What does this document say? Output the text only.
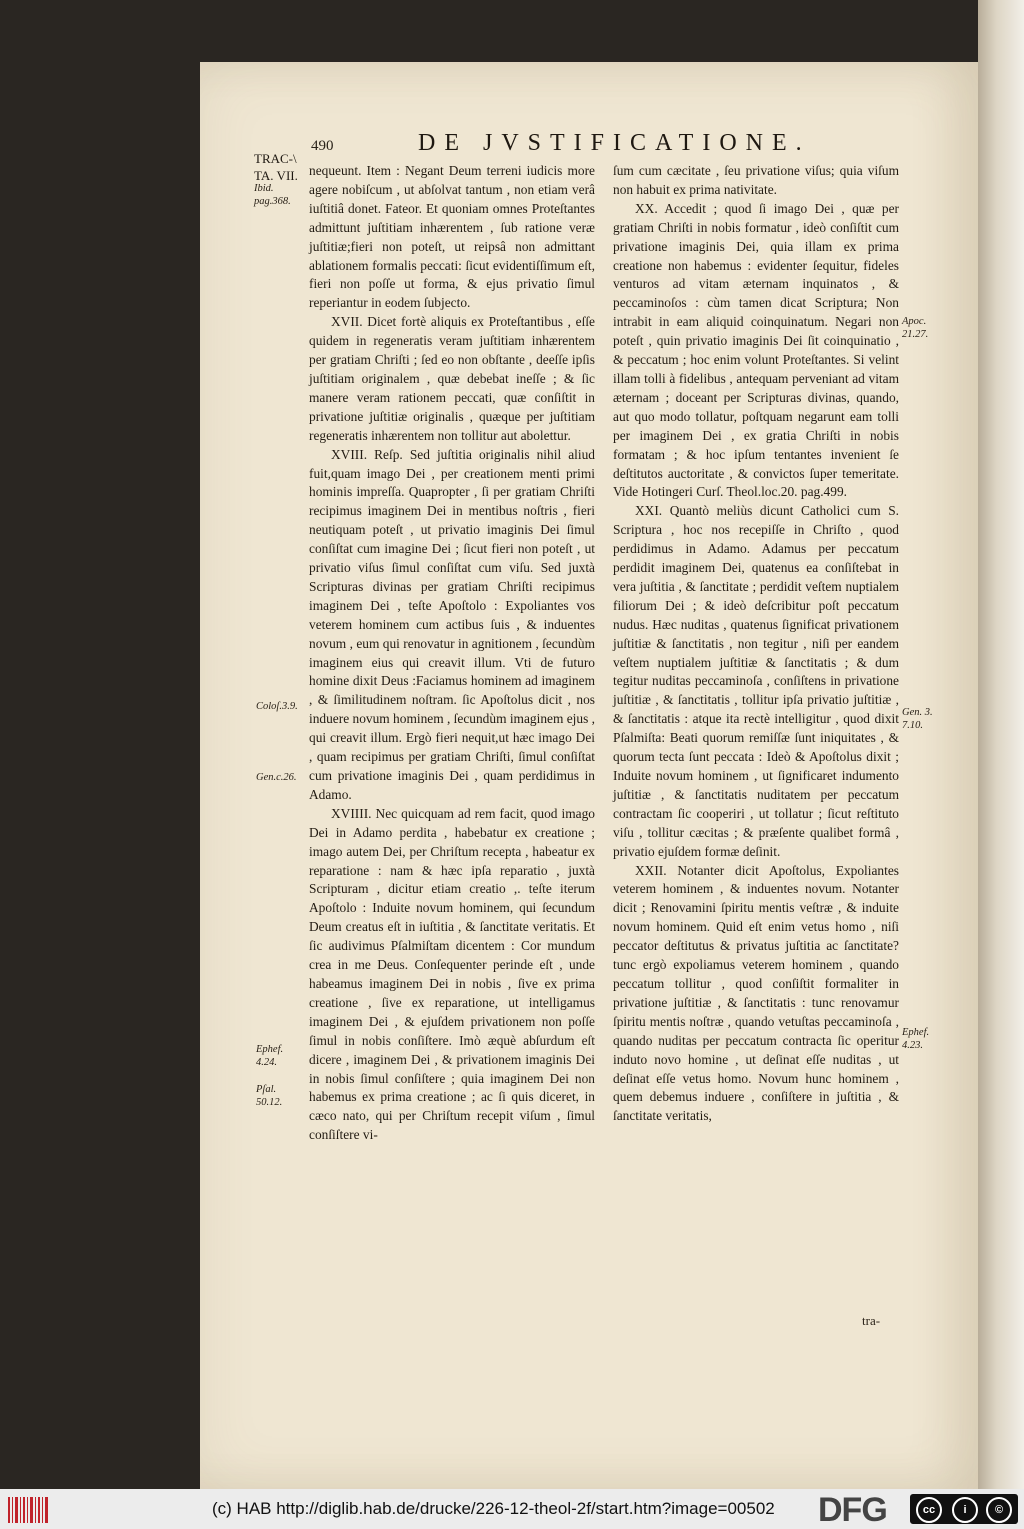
490	DE JVSTIFICATIONE.
TRAC-\
TA. VII.
Ibid.
pag.368.
Coloſ.3.9.
Gen.c.26.
Ephef.
4.24.
Pſal.
50.12.
Apoc.
21.27.
Gen. 3.
7.10.
Ephef.
4.23.

nequeunt. Item : Negant Deum terreni iudicis more agere nobiſcum , ut abſolvat tantum , non etiam verâ iuſtitiâ donet. Fateor. Et quoniam omnes Proteſtantes admittunt juſtitiam inhærentem , ſub ratione veræ juſtitiæ;fieri non poteſt, ut reipsâ non admittant ablationem formalis peccati: ſicut evidentiſſimum eſt, fieri non poſſe ut forma, & ejus privatio ſimul reperiantur in eodem ſubjecto.

XVII. Dicet fortè aliquis ex Proteſtantibus , eſſe quidem in regeneratis veram juſtitiam inhærentem per gratiam Chriſti ; ſed eo non obſtante , deeſſe ipſis juſtitiam originalem , quæ debebat ineſſe ; & ſic manere veram rationem peccati, quæ conſiſtit in privatione juſtitiæ originalis , quæque per juſtitiam regeneratis inhærentem non tollitur aut abolettur.

XVIII. Reſp. Sed juſtitia originalis nihil aliud fuit,quam imago Dei , per creationem menti primi hominis impreſſa. Quapropter , ſi per gratiam Chriſti recipimus imaginem Dei in mentibus noſtris , fieri neutiquam poteſt , ut privatio imaginis Dei ſimul conſiſtat cum imagine Dei ; ſicut fieri non poteſt , ut privatio viſus ſimul conſiſtat cum viſu. Sed juxtà Scripturas divinas per gratiam Chriſti recipimus imaginem Dei , teſte Apoſtolo : Expoliantes vos veterem hominem cum actibus ſuis , & induentes novum , eum qui renovatur in agnitionem , ſecundùm imaginem eius qui creavit illum. Vti de futuro homine dixit Deus :Faciamus hominem ad imaginem , & ſimilitudinem noſtram. ſic Apoſtolus dicit , nos induere novum hominem , ſecundùm imaginem ejus , qui creavit illum. Ergò fieri nequit,ut hæc imago Dei , quam recipimus per gratiam Chriſti, ſimul conſiſtat cum privatione imaginis Dei , quam perdidimus in Adamo.

XVIIII. Nec quicquam ad rem facit, quod imago Dei in Adamo perdita , habebatur ex creatione ; imago autem Dei, per Chriſtum recepta , habeatur ex reparatione : nam & hæc ipſa reparatio , juxtà Scripturam , dicitur etiam creatio ,. teſte iterum Apoſtolo : Induite novum hominem, qui ſecundum Deum creatus eſt in iuſtitia , & ſanctitate veritatis. Et ſic audivimus Pſalmiſtam dicentem : Cor mundum crea in me Deus. Conſequenter perinde eſt , unde habeamus imaginem Dei in nobis , ſive ex prima creatione , ſive ex reparatione, ut intelligamus imaginem Dei , & ejuſdem privationem non poſſe ſimul in nobis conſiſtere. Imò æquè abſurdum eſt dicere , imaginem Dei , & privationem imaginis Dei in nobis ſimul conſiſtere ; quia imaginem Dei non habemus ex prima creatione ; ac ſi quis diceret, in cæco nato, qui per Chriſtum recepit viſum , ſimul conſiſtere vi-

ſum cum cæcitate , ſeu privatione viſus; quia viſum non habuit ex prima nativitate.

XX. Accedit ; quod ſi imago Dei , quæ per gratiam Chriſti in nobis formatur , ideò conſiſtit cum privatione imaginis Dei, quia illam ex prima creatione non habemus : evidenter ſequitur, fideles venturos ad vitam æternam inquinatos , & peccaminoſos : cùm tamen dicat Scriptura; Non intrabit in eam aliquid coinquinatum. Negari non poteſt , quin privatio imaginis Dei ſit coinquinatio , & peccatum ; hoc enim volunt Proteſtantes. Si velint illam tolli à fidelibus , antequam perveniant ad vitam æternam ; doceant per Scripturas divinas, quando, aut quo modo tollatur, poſtquam negarunt eam tolli per imaginem Dei , ex gratia Chriſti in nobis formatam ; & hoc ipſum tentantes invenient ſe deſtitutos auctoritate , & convictos ſuper temeritate. Vide Hotingeri Curſ. Theol.loc.20. pag.499.

XXI. Quantò meliùs dicunt Catholici cum S. Scriptura , hoc nos recepiſſe in Chriſto , quod perdidimus in Adamo. Adamus per peccatum perdidit imaginem Dei, quatenus ea conſiſtebat in vera juſtitia , & ſanctitate ; perdidit veſtem nuptialem filiorum Dei ; & ideò deſcribitur poſt peccatum nudus. Hæc nuditas , quatenus ſignificat privationem juſtitiæ & ſanctitatis , non tegitur , niſi per eandem veſtem nuptialem juſtitiæ & ſanctitatis ; & dum tegitur nuditas peccaminoſa , conſiſtens in privatione juſtitiæ , & ſanctitatis , tollitur ipſa privatio juſtitiæ , & ſanctitatis : atque ita rectè intelligitur , quod dixit Pſalmiſta: Beati quorum remiſſæ ſunt iniquitates , & quorum tecta ſunt peccata : Ideò & Apoſtolus dixit ; Induite novum hominem , ut ſignificaret indumento juſtitiæ , & ſanctitatis nuditatem per peccatum contractam ſic cooperiri , ut tollatur ; ſicut reſtituto viſu , tollitur cæcitas ; & præſente qualibet formâ , privatio ejuſdem formæ deſinit.

XXII. Notanter dicit Apoſtolus, Expoliantes veterem hominem , & induentes novum. Notanter dicit ; Renovamini ſpiritu mentis veſtræ , & induite novum hominem. Quid eſt enim vetus homo , niſi peccator deſtitutus & privatus juſtitia ac ſanctitate? tunc ergò expoliamus veterem hominem , quando peccatum tollitur , quod conſiſtit formaliter in privatione juſtitiæ , & ſanctitatis : tunc renovamur ſpiritu mentis noſtræ , quando vetuſtas peccaminoſa , quando nuditas per peccatum contracta ſic operitur induto novo homine , ut deſinat eſſe nuditas , ut deſinat eſſe vetus homo. Novum hunc hominem , quem debemus induere , conſiſtere in juſtitia , & ſanctitate veritatis,

tra-
(c) HAB http://diglib.hab.de/drucke/226-12-theol-2f/start.htm?image=00502 DFG	cc	i	©
